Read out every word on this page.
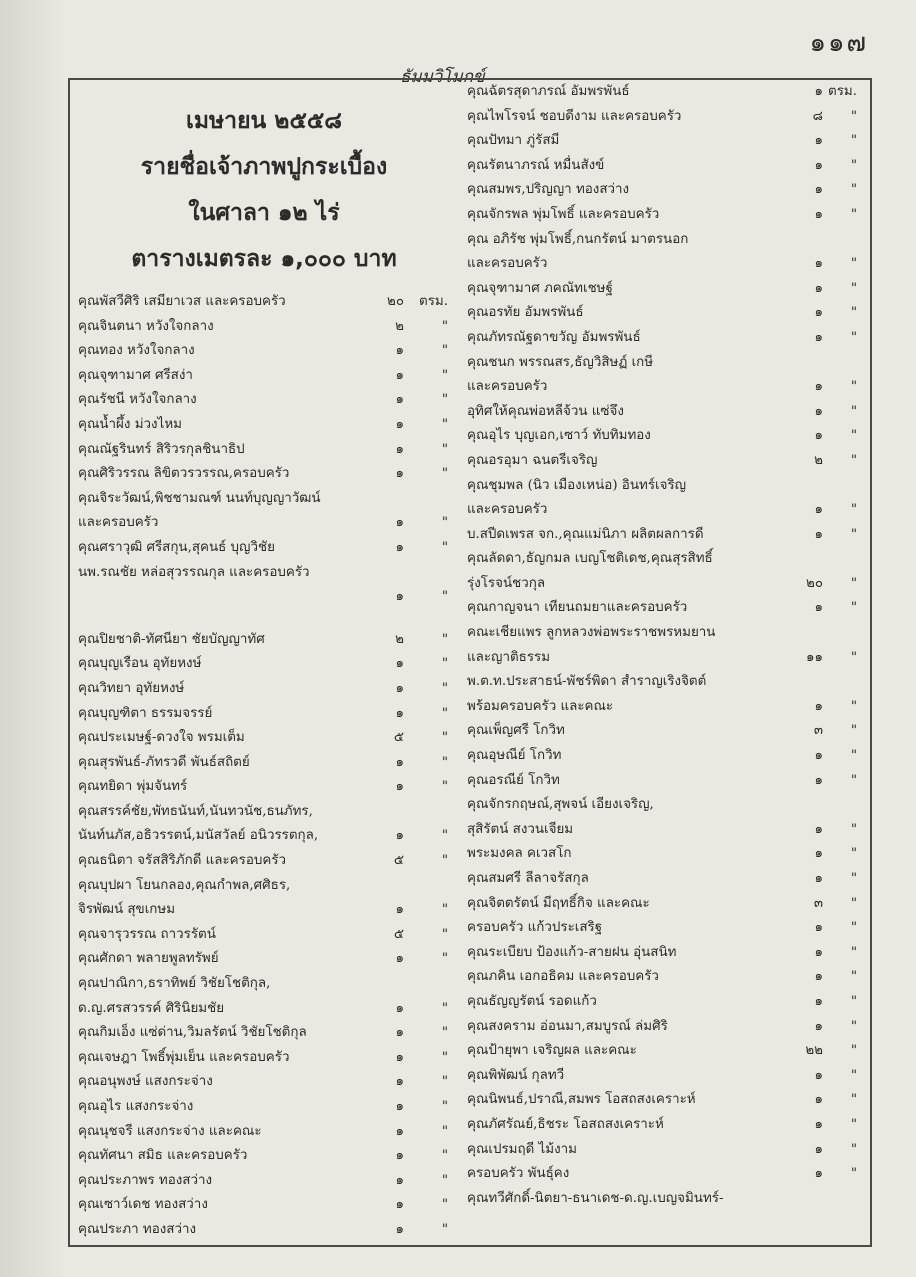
๑๑๗
ธัมมวิโมกข์
เมษายน ๒๕๕๘
รายชื่อเจ้าภาพปูกระเบื้อง
ในศาลา ๑๒ ไร่
ตารางเมตรละ ๑,๐๐๐ บาท
คุณพัสวีศิริ เสมียาเวส และครอบครัว	๒๐ ตรม.
คุณจินตนา หวังใจกลาง	๒	"
คุณทอง หวังใจกลาง	๑	"
คุณจุฑามาศ ศรีสง่า	๑	"
คุณรัชนี หวังใจกลาง	๑	"
คุณน้ำผึ้ง ม่วงไหม	๑	"
คุณณัฐรินทร์ สิริวรกุลชินาธิป	๑	"
คุณศิริวรรณ ลิขิตวรวรรณ,ครอบครัว	๑	"
คุณจิระวัฒน์,พิชชามณฑ์ นนท์บุญญาวัฒน์
และครอบครัว	๑	"
คุณศราวุฒิ ศรีสกุน,สุคนธ์ บุญวิชัย	๑	"
นพ.รณชัย หล่อสุวรรณกุล และครอบครัว
๑	"
คุณปิยชาติ-ทัศนียา ชัยบัญญาทัศ	๒	"
คุณบุญเรือน อุทัยหงษ์	๑	"
คุณวิทยา อุทัยหงษ์	๑	"
คุณบุญฑิตา ธรรมจรรย์	๑	"
คุณประเมษฐ์-ดวงใจ พรมเต็ม	๕	"
คุณสุรพันธ์-ภัทรวดี พันธ์สถิตย์	๑	"
คุณทยิดา พุ่มจันทร์	๑	"
คุณสรรค์ชัย,พัทธนันท์,นันทวนัช,ธนภัทร,
นันท์นภัส,อธิวรรตน์,มนัสวัลย์ อนิวรรตกุล,	๑	"
คุณธนิตา จรัสสิริภักดี และครอบครัว	๕	"
คุณบุปผา โยนกลอง,คุณกำพล,ศศิธร,
จิรพัฒน์ สุขเกษม	๑	"
คุณจารุวรรณ ถาวรรัตน์	๕	"
คุณศักดา พลายพูลทรัพย์	๑	"
คุณปาณิกา,ธราทิพย์ วิชัยโชติกุล,
ด.ญ.ศรสวรรค์ ศิรินิยมชัย	๑	"
คุณกิมเอ็ง แซ่ด่าน,วิมลรัตน์ วิชัยโชติกุล	๑	"
คุณเจษฎา โพธิ์พุ่มเย็น และครอบครัว	๑	"
คุณอนุพงษ์ แสงกระจ่าง	๑	"
คุณอุไร แสงกระจ่าง	๑	"
คุณนุชจรี แสงกระจ่าง และคณะ	๑	"
คุณทัศนา สมิธ และครอบครัว	๑	"
คุณประภาพร ทองสว่าง	๑	"
คุณเซาว์เดช ทองสว่าง	๑	"
คุณประภา ทองสว่าง	๑	"
คุณฉัตรสุดาภรณ์ อัมพรพันธ์	๑ ตรม.
คุณไพโรจน์ ชอบดีงาม และครอบครัว	๘ "
คุณปัทมา ภู่รัสมี	๑ "
คุณรัตนาภรณ์ หมื่นสังข์	๑ "
คุณสมพร,ปริญญา ทองสว่าง	๑ "
คุณจักรพล พุ่มโพธิ์ และครอบครัว	๑ "
คุณ อภิรัช พุ่มโพธิ์,กนกรัตน์ มาตรนอก
และครอบครัว	๑ "
คุณจุฑามาศ ภคณัทเชษฐ์	๑ "
คุณอรทัย อัมพรพันธ์	๑ "
คุณภัทรณัฐดาขวัญ อัมพรพันธ์	๑ "
คุณชนก พรรณสร,ธัญวิสิษฏ์ เกษี
และครอบครัว	๑ "
อุทิศให้คุณพ่อหลีจ้วน แซ่จึง	๑ "
คุณอุไร บุญเอก,เซาว์ ทับทิมทอง	๑ "
คุณอรอุมา ฉนตรีเจริญ	๒ "
คุณชุมพล (นิว เมืองเหน่อ) อินทร์เจริญ
และครอบครัว	๑ "
บ.สปีดเพรส จก.,คุณแม่นิภา ผลิตผลการดี	๑ "
คุณลัดดา,ธัญกมล เบญโชติเดช,คุณสุรสิทธิ์
รุ่งโรจน์ชวกุล	๒๐ "
คุณกาญจนา เทียนถมยาและครอบครัว	๑ "
คณะเชียแพร ลูกหลวงพ่อพระราชพรหมยาน
และญาติธรรม	๑๑ "
พ.ต.ท.ประสาธน์-พัชร์พิดา สำราญเริงจิตต์
พร้อมครอบครัว และคณะ	๑ "
คุณเพ็ญศรี โกวิท	๓ "
คุณอุษณีย์ โกวิท	๑ "
คุณอรณีย์ โกวิท	๑ "
คุณจักรกฤษณ์,สุพจน์ เอียงเจริญ,
สุสิรัตน์ สงวนเจียม	๑ "
พระมงคล คเวสโก	๑ "
คุณสมศรี ลีลาจรัสกุล	๑ "
คุณจิตตรัตน์ มีฤทธิ์กิจ และคณะ	๓ "
ครอบครัว แก้วประเสริฐ	๑ "
คุณระเบียบ ป้องแก้ว-สายฝน อุ่นสนิท	๑ "
คุณภคิน เอกอธิคม และครอบครัว	๑ "
คุณธัญญรัตน์ รอดแก้ว	๑ "
คุณสงคราม อ่อนมา,สมบูรณ์ ล่มศิริ	๑ "
คุณป้ายุพา เจริญผล และคณะ	๒๒ "
คุณพิพัฒน์ กุลทวี	๑ "
คุณนิพนธ์,ปราณี,สมพร โอสถสงเคราะห์	๑ "
คุณภัศรัณย์,ธิชระ โอสถสงเคราะห์	๑ "
คุณเปรมฤดี ไม้งาม	๑ "
ครอบครัว พันธุ์คง	๑ "
คุณทวีศักดิ์-นิตยา-ธนาเดช-ด.ญ.เบญจมินทร์-
